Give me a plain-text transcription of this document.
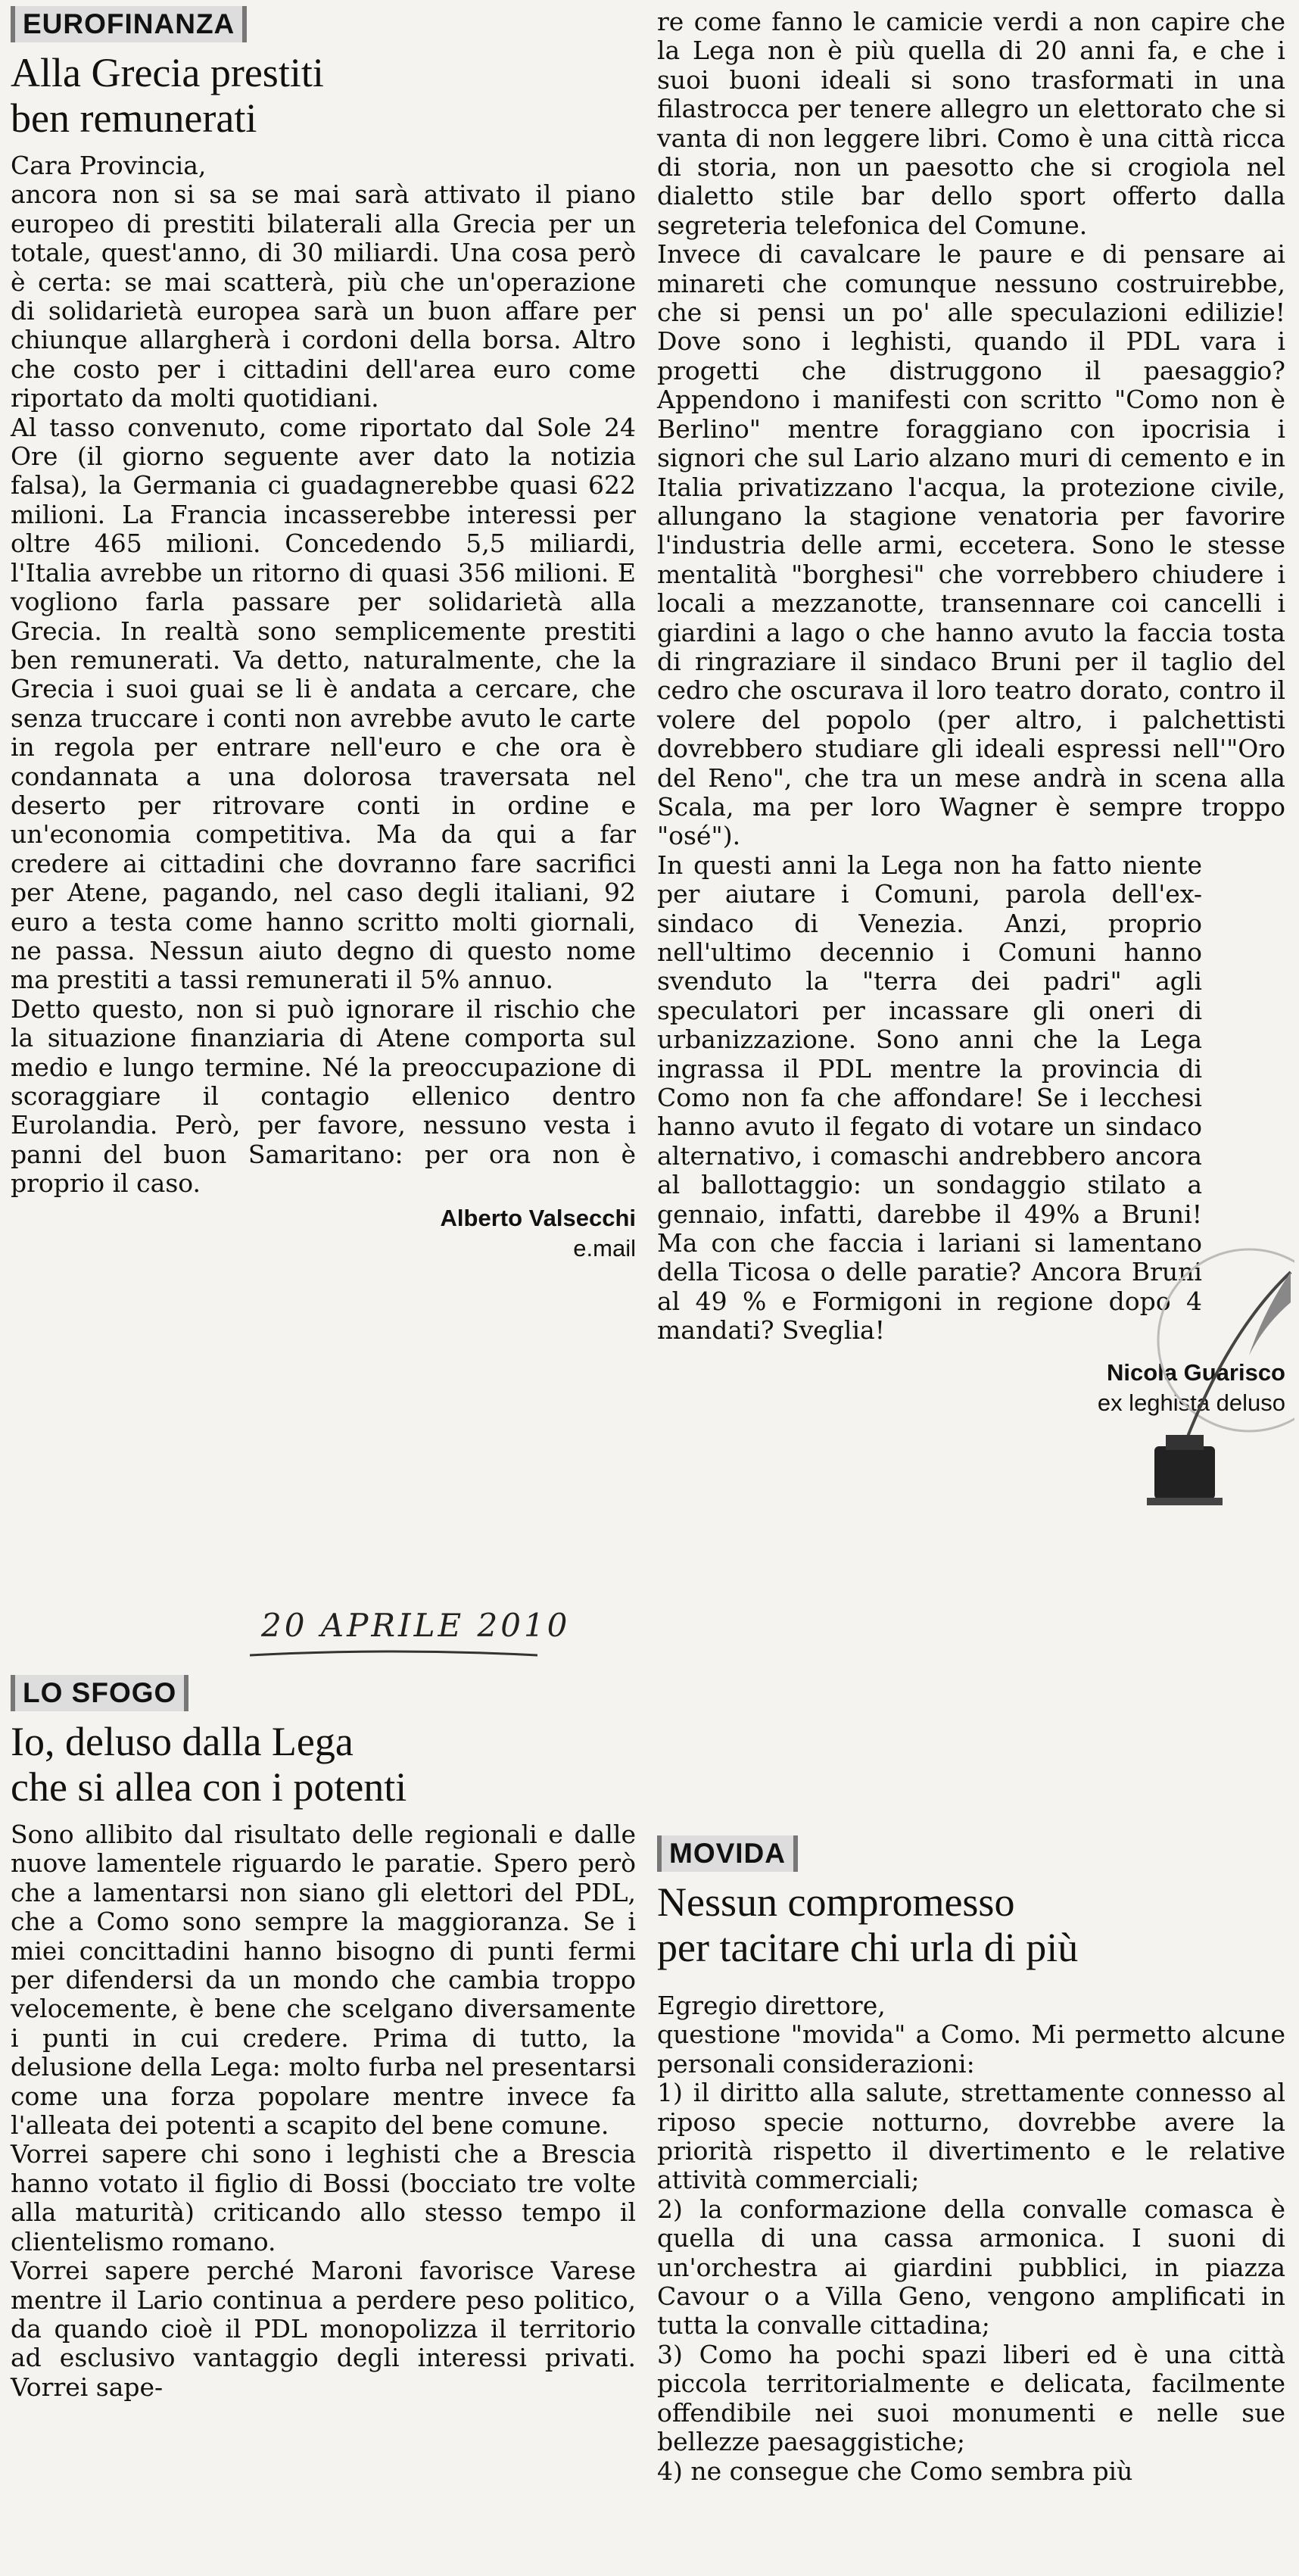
EUROFINANZA
Alla Grecia prestiti
ben remunerati

Cara Provincia,

ancora non si sa se mai sarà attivato il piano europeo di prestiti bilaterali alla Grecia per un totale, quest'anno, di 30 miliardi. Una cosa però è certa: se mai scatterà, più che un'operazione di solidarietà europea sarà un buon affare per chiunque allargherà i cordoni della borsa. Altro che costo per i cittadini dell'area euro come riportato da molti quotidiani.

Al tasso convenuto, come riportato dal Sole 24 Ore (il giorno seguente aver dato la notizia falsa), la Germania ci guadagnerebbe quasi 622 milioni. La Francia incasserebbe interessi per oltre 465 milioni. Concedendo 5,5 miliardi, l'Italia avrebbe un ritorno di quasi 356 milioni. E vogliono farla passare per solidarietà alla Grecia. In realtà sono semplicemente prestiti ben remunerati. Va detto, naturalmente, che la Grecia i suoi guai se li è andata a cercare, che senza truccare i conti non avrebbe avuto le carte in regola per entrare nell'euro e che ora è condannata a una dolorosa traversata nel deserto per ritrovare conti in ordine e un'economia competitiva. Ma da qui a far credere ai cittadini che dovranno fare sacrifici per Atene, pagando, nel caso degli italiani, 92 euro a testa come hanno scritto molti giornali, ne passa. Nessun aiuto degno di questo nome ma prestiti a tassi remunerati il 5% annuo.

Detto questo, non si può ignorare il rischio che la situazione finanziaria di Atene comporta sul medio e lungo termine. Né la preoccupazione di scoraggiare il contagio ellenico dentro Eurolandia. Però, per favore, nessuno vesta i panni del buon Samaritano: per ora non è proprio il caso.

Alberto Valsecchi
e.mail
20 APRILE 2010
LO SFOGO
Io, deluso dalla Lega
che si allea con i potenti

Sono allibito dal risultato delle regionali e dalle nuove lamentele riguardo le paratie. Spero però che a lamentarsi non siano gli elettori del PDL, che a Como sono sempre la maggioranza. Se i miei concittadini hanno bisogno di punti fermi per difendersi da un mondo che cambia troppo velocemente, è bene che scelgano diversamente i punti in cui credere. Prima di tutto, la delusione della Lega: molto furba nel presentarsi come una forza popolare mentre invece fa l'alleata dei potenti a scapito del bene comune.

Vorrei sapere chi sono i leghisti che a Brescia hanno votato il figlio di Bossi (bocciato tre volte alla maturità) criticando allo stesso tempo il clientelismo romano.

Vorrei sapere perché Maroni favorisce Varese mentre il Lario continua a perdere peso politico, da quando cioè il PDL monopolizza il territorio ad esclusivo vantaggio degli interessi privati. Vorrei sape-

re come fanno le camicie verdi a non capire che la Lega non è più quella di 20 anni fa, e che i suoi buoni ideali si sono trasformati in una filastrocca per tenere allegro un elettorato che si vanta di non leggere libri. Como è una città ricca di storia, non un paesotto che si crogiola nel dialetto stile bar dello sport offerto dalla segreteria telefonica del Comune.

Invece di cavalcare le paure e di pensare ai minareti che comunque nessuno costruirebbe, che si pensi un po' alle speculazioni edilizie! Dove sono i leghisti, quando il PDL vara i progetti che distruggono il paesaggio? Appendono i manifesti con scritto "Como non è Berlino" mentre foraggiano con ipocrisia i signori che sul Lario alzano muri di cemento e in Italia privatizzano l'acqua, la protezione civile, allungano la stagione venatoria per favorire l'industria delle armi, eccetera. Sono le stesse mentalità "borghesi" che vorrebbero chiudere i locali a mezzanotte, transennare coi cancelli i giardini a lago o che hanno avuto la faccia tosta di ringraziare il sindaco Bruni per il taglio del cedro che oscurava il loro teatro dorato, contro il volere del popolo (per altro, i palchettisti dovrebbero studiare gli ideali espressi nell'"Oro del Reno", che tra un mese andrà in scena alla Scala, ma per loro Wagner è sempre troppo "osé").

In questi anni la Lega non ha fatto niente per aiutare i Comuni, parola dell'ex-sindaco di Venezia. Anzi, proprio nell'ultimo decennio i Comuni hanno svenduto la "terra dei padri" agli speculatori per incassare gli oneri di urbanizzazione. Sono anni che la Lega ingrassa il PDL mentre la provincia di Como non fa che affondare! Se i lecchesi hanno avuto il fegato di votare un sindaco alternativo, i comaschi andrebbero ancora al ballottaggio: un sondaggio stilato a gennaio, infatti, darebbe il 49% a Bruni! Ma con che faccia i lariani si lamentano della Ticosa o delle paratie? Ancora Bruni al 49 % e Formigoni in regione dopo 4 mandati? Sveglia!

Nicola Guarisco
ex leghista deluso
MOVIDA
Nessun compromesso
per tacitare chi urla di più

Egregio direttore,

questione "movida" a Como. Mi permetto alcune personali considerazioni:

1) il diritto alla salute, strettamente connesso al riposo specie notturno, dovrebbe avere la priorità rispetto il divertimento e le relative attività commerciali;

2) la conformazione della convalle comasca è quella di una cassa armonica. I suoni di un'orchestra ai giardini pubblici, in piazza Cavour o a Villa Geno, vengono amplificati in tutta la convalle cittadina;

3) Como ha pochi spazi liberi ed è una città piccola territorialmente e delicata, facilmente offendibile nei suoi monumenti e nelle sue bellezze paesaggistiche;

4) ne consegue che Como sembra più
